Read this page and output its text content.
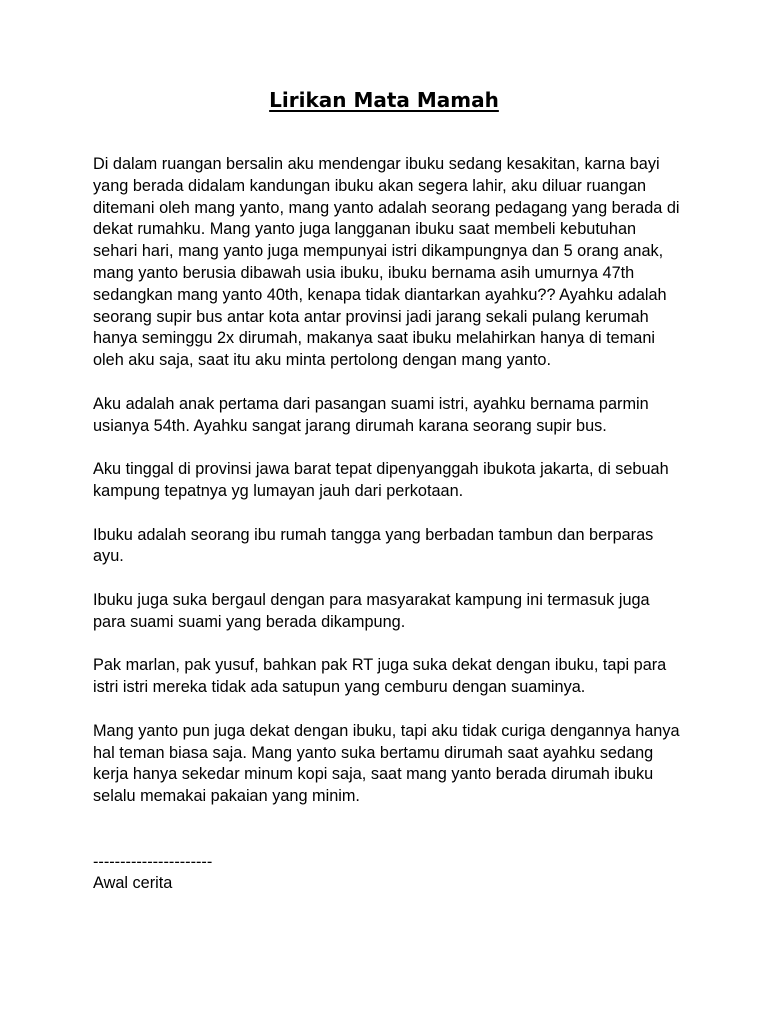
Lirikan Mata Mamah

Di dalam ruangan bersalin aku mendengar ibuku sedang kesakitan, karna bayi yang berada didalam kandungan ibuku akan segera lahir, aku diluar ruangan ditemani oleh mang yanto, mang yanto adalah seorang pedagang yang berada di dekat rumahku. Mang yanto juga langganan ibuku saat membeli kebutuhan sehari hari, mang yanto juga mempunyai istri dikampungnya dan 5 orang anak, mang yanto berusia dibawah usia ibuku, ibuku bernama asih umurnya 47th sedangkan mang yanto 40th, kenapa tidak diantarkan ayahku?? Ayahku adalah seorang supir bus antar kota antar provinsi jadi jarang sekali pulang kerumah hanya seminggu 2x dirumah, makanya saat ibuku melahirkan hanya di temani oleh aku saja, saat itu aku minta pertolong dengan mang yanto.

Aku adalah anak pertama dari pasangan suami istri, ayahku bernama parmin usianya 54th. Ayahku sangat jarang dirumah karana seorang supir bus.

Aku tinggal di provinsi jawa barat tepat dipenyanggah ibukota jakarta, di sebuah kampung tepatnya yg lumayan jauh dari perkotaan.

Ibuku adalah seorang ibu rumah tangga yang berbadan tambun dan berparas ayu.

Ibuku juga suka bergaul dengan para masyarakat kampung ini termasuk juga para suami suami yang berada dikampung.

Pak marlan, pak yusuf, bahkan pak RT juga suka dekat dengan ibuku, tapi para istri istri mereka tidak ada satupun yang cemburu dengan suaminya.

Mang yanto pun juga dekat dengan ibuku, tapi aku tidak curiga dengannya hanya hal teman biasa saja. Mang yanto suka bertamu dirumah saat ayahku sedang kerja hanya sekedar minum kopi saja, saat mang yanto berada dirumah ibuku selalu memakai pakaian yang minim.

----------------------

Awal cerita
